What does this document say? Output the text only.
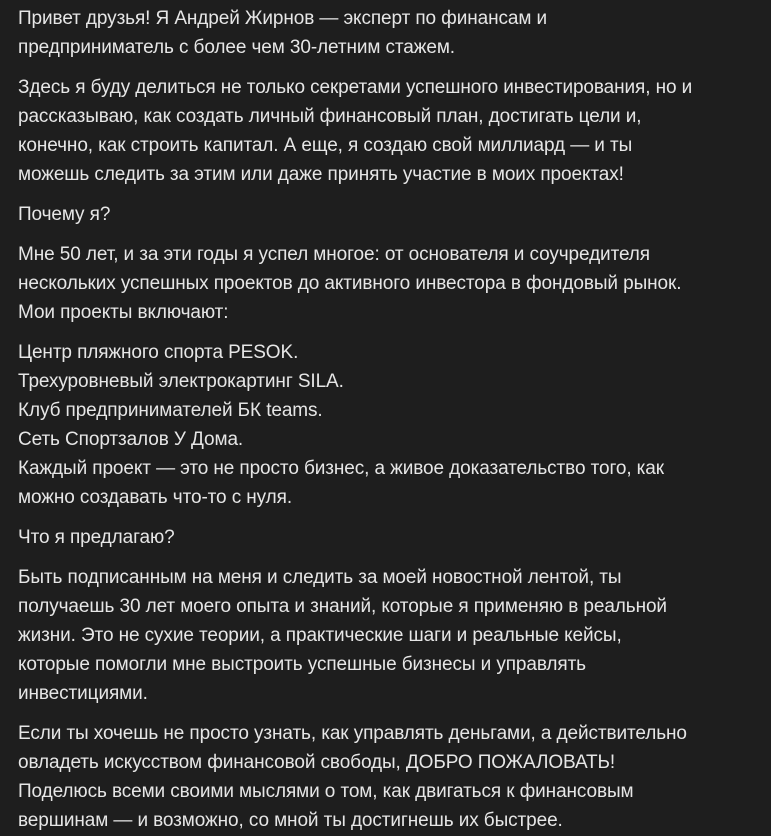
Привет друзья! Я Андрей Жирнов — эксперт по финансам и
предприниматель с более чем 30-летним стажем.

Здесь я буду делиться не только секретами успешного инвестирования, но и
рассказываю, как создать личный финансовый план, достигать цели и,
конечно, как строить капитал. А еще, я создаю свой миллиард — и ты
можешь следить за этим или даже принять участие в моих проектах!

Почему я?

Мне 50 лет, и за эти годы я успел многое: от основателя и соучредителя
нескольких успешных проектов до активного инвестора в фондовый рынок.
Мои проекты включают:

Центр пляжного спорта PESOK.
Трехуровневый электрокартинг SILA.
Клуб предпринимателей БК teams.
Сеть Спортзалов У Дома.
Каждый проект — это не просто бизнес, а живое доказательство того, как
можно создавать что-то с нуля.

Что я предлагаю?

Быть подписанным на меня и следить за моей новостной лентой, ты
получаешь 30 лет моего опыта и знаний, которые я применяю в реальной
жизни. Это не сухие теории, а практические шаги и реальные кейсы,
которые помогли мне выстроить успешные бизнесы и управлять
инвестициями.

Если ты хочешь не просто узнать, как управлять деньгами, а действительно
овладеть искусством финансовой свободы, ДОБРО ПОЖАЛОВАТЬ!
Поделюсь всеми своими мыслями о том, как двигаться к финансовым
вершинам — и возможно, со мной ты достигнешь их быстрее.
